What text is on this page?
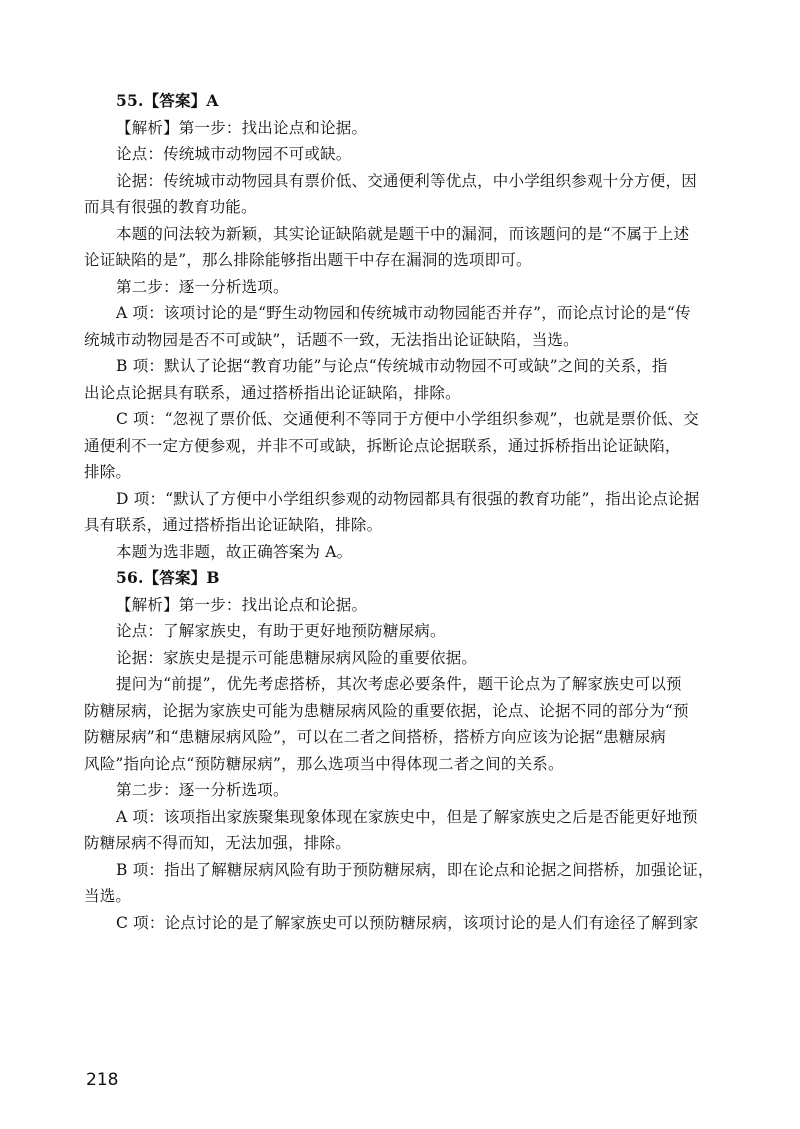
55.【答案】A
【解析】第一步：找出论点和论据。
论点：传统城市动物园不可或缺。
论据：传统城市动物园具有票价低、交通便利等优点，中小学组织参观十分方便，因
而具有很强的教育功能。
本题的问法较为新颖，其实论证缺陷就是题干中的漏洞，而该题问的是“不属于上述
论证缺陷的是”，那么排除能够指出题干中存在漏洞的选项即可。
第二步：逐一分析选项。
A 项：该项讨论的是“野生动物园和传统城市动物园能否并存”，而论点讨论的是“传
统城市动物园是否不可或缺”，话题不一致，无法指出论证缺陷，当选。
B 项：默认了论据“教育功能”与论点“传统城市动物园不可或缺”之间的关系，指
出论点论据具有联系，通过搭桥指出论证缺陷，排除。
C 项：“忽视了票价低、交通便利不等同于方便中小学组织参观”，也就是票价低、交
通便利不一定方便参观，并非不可或缺，拆断论点论据联系，通过拆桥指出论证缺陷，
排除。
D 项：“默认了方便中小学组织参观的动物园都具有很强的教育功能”，指出论点论据
具有联系，通过搭桥指出论证缺陷，排除。
本题为选非题，故正确答案为 A。
56.【答案】B
【解析】第一步：找出论点和论据。
论点：了解家族史，有助于更好地预防糖尿病。
论据：家族史是提示可能患糖尿病风险的重要依据。
提问为“前提”，优先考虑搭桥，其次考虑必要条件，题干论点为了解家族史可以预
防糖尿病，论据为家族史可能为患糖尿病风险的重要依据，论点、论据不同的部分为“预
防糖尿病”和“患糖尿病风险”，可以在二者之间搭桥，搭桥方向应该为论据“患糖尿病
风险”指向论点“预防糖尿病”，那么选项当中得体现二者之间的关系。
第二步：逐一分析选项。
A 项：该项指出家族聚集现象体现在家族史中，但是了解家族史之后是否能更好地预
防糖尿病不得而知，无法加强，排除。
B 项：指出了解糖尿病风险有助于预防糖尿病，即在论点和论据之间搭桥，加强论证，
当选。
C 项：论点讨论的是了解家族史可以预防糖尿病，该项讨论的是人们有途径了解到家
218
